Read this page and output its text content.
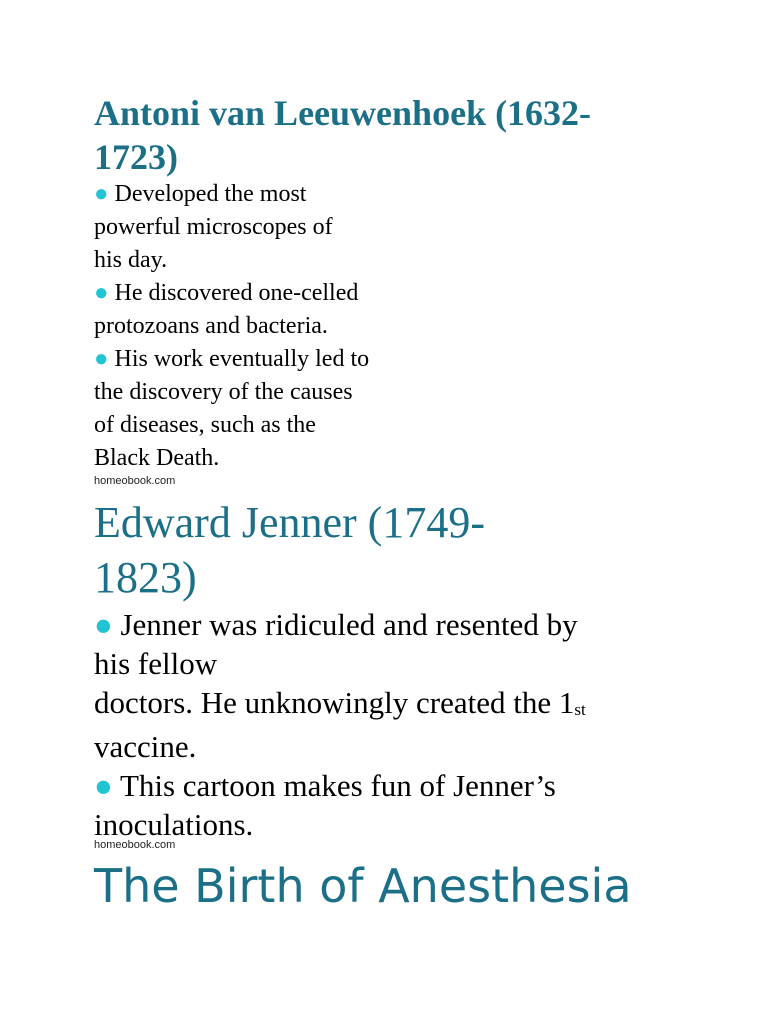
Antoni van Leeuwenhoek (1632-
1723)
● Developed the most
powerful microscopes of
his day.
● He discovered one-celled
protozoans and bacteria.
● His work eventually led to
the discovery of the causes
of diseases, such as the
Black Death.
homeobook.com
Edward Jenner (1749-
1823)
● Jenner was ridiculed and resented by
his fellow
doctors. He unknowingly created the 1st
vaccine.
● This cartoon makes fun of Jenner’s
inoculations.
homeobook.com
The Birth of Anesthesia
